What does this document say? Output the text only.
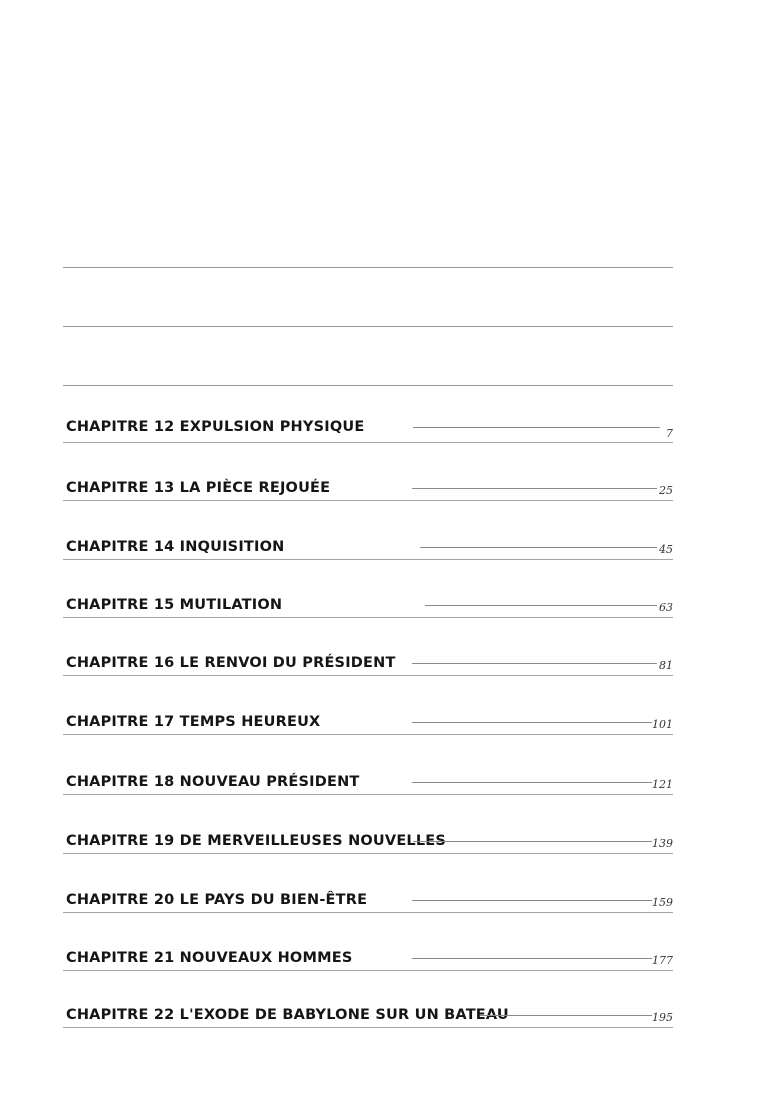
CHAPITRE 12 EXPULSION PHYSIQUE	7
CHAPITRE 13 LA PIÈCE REJOUÉE	25
CHAPITRE 14 INQUISITION	45
CHAPITRE 15 MUTILATION	63
CHAPITRE 16 LE RENVOI DU PRÉSIDENT	81
CHAPITRE 17 TEMPS HEUREUX	101
CHAPITRE 18 NOUVEAU PRÉSIDENT	121
CHAPITRE 19 DE MERVEILLEUSES NOUVELLES	139
CHAPITRE 20 LE PAYS DU BIEN-ÊTRE	159
CHAPITRE 21 NOUVEAUX HOMMES	177
CHAPITRE 22 L'EXODE DE BABYLONE SUR UN BATEAU	195
